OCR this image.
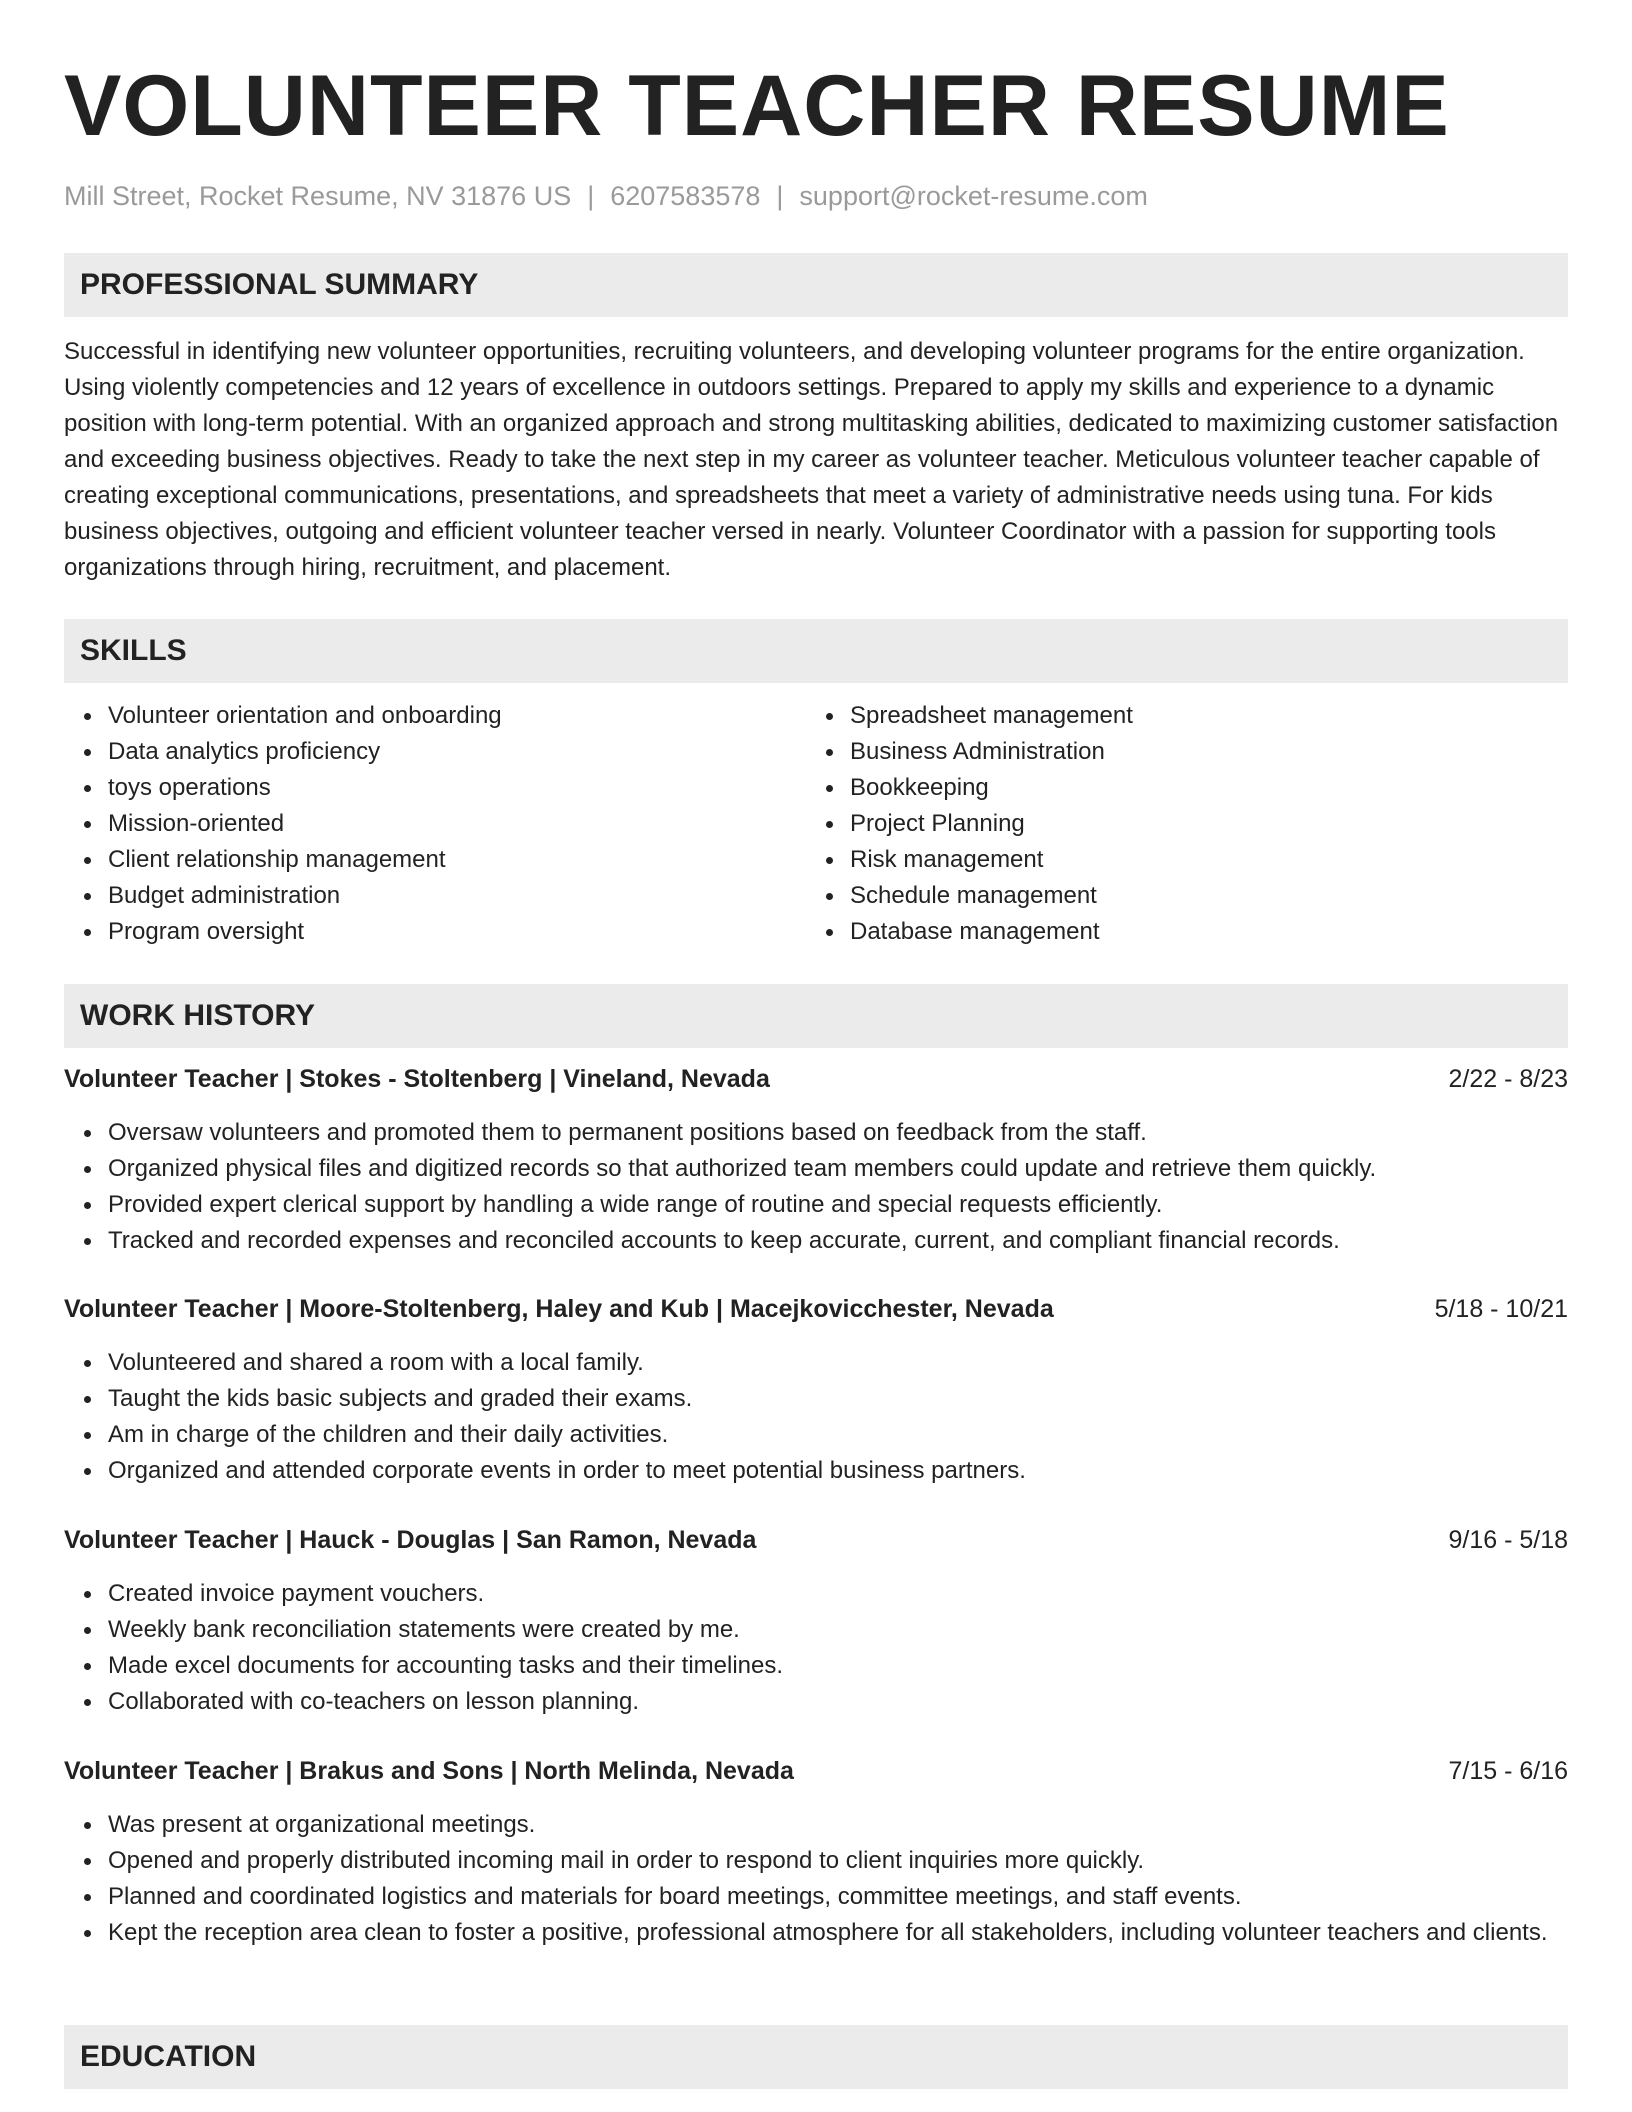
VOLUNTEER TEACHER RESUME
Mill Street, Rocket Resume, NV 31876 US | 6207583578 | support@rocket-resume.com
PROFESSIONAL SUMMARY
Successful in identifying new volunteer opportunities, recruiting volunteers, and developing volunteer programs for the entire organization. Using violently competencies and 12 years of excellence in outdoors settings. Prepared to apply my skills and experience to a dynamic position with long-term potential. With an organized approach and strong multitasking abilities, dedicated to maximizing customer satisfaction and exceeding business objectives. Ready to take the next step in my career as volunteer teacher. Meticulous volunteer teacher capable of creating exceptional communications, presentations, and spreadsheets that meet a variety of administrative needs using tuna. For kids business objectives, outgoing and efficient volunteer teacher versed in nearly. Volunteer Coordinator with a passion for supporting tools organizations through hiring, recruitment, and placement.
SKILLS
Volunteer orientation and onboarding
Data analytics proficiency
toys operations
Mission-oriented
Client relationship management
Budget administration
Program oversight
Spreadsheet management
Business Administration
Bookkeeping
Project Planning
Risk management
Schedule management
Database management
WORK HISTORY
Volunteer Teacher | Stokes - Stoltenberg | Vineland, Nevada	2/22 - 8/23
Oversaw volunteers and promoted them to permanent positions based on feedback from the staff.
Organized physical files and digitized records so that authorized team members could update and retrieve them quickly.
Provided expert clerical support by handling a wide range of routine and special requests efficiently.
Tracked and recorded expenses and reconciled accounts to keep accurate, current, and compliant financial records.
Volunteer Teacher | Moore-Stoltenberg, Haley and Kub | Macejkovicchester, Nevada	5/18 - 10/21
Volunteered and shared a room with a local family.
Taught the kids basic subjects and graded their exams.
Am in charge of the children and their daily activities.
Organized and attended corporate events in order to meet potential business partners.
Volunteer Teacher | Hauck - Douglas | San Ramon, Nevada	9/16 - 5/18
Created invoice payment vouchers.
Weekly bank reconciliation statements were created by me.
Made excel documents for accounting tasks and their timelines.
Collaborated with co-teachers on lesson planning.
Volunteer Teacher | Brakus and Sons | North Melinda, Nevada	7/15 - 6/16
Was present at organizational meetings.
Opened and properly distributed incoming mail in order to respond to client inquiries more quickly.
Planned and coordinated logistics and materials for board meetings, committee meetings, and staff events.
Kept the reception area clean to foster a positive, professional atmosphere for all stakeholders, including volunteer teachers and clients.
EDUCATION
